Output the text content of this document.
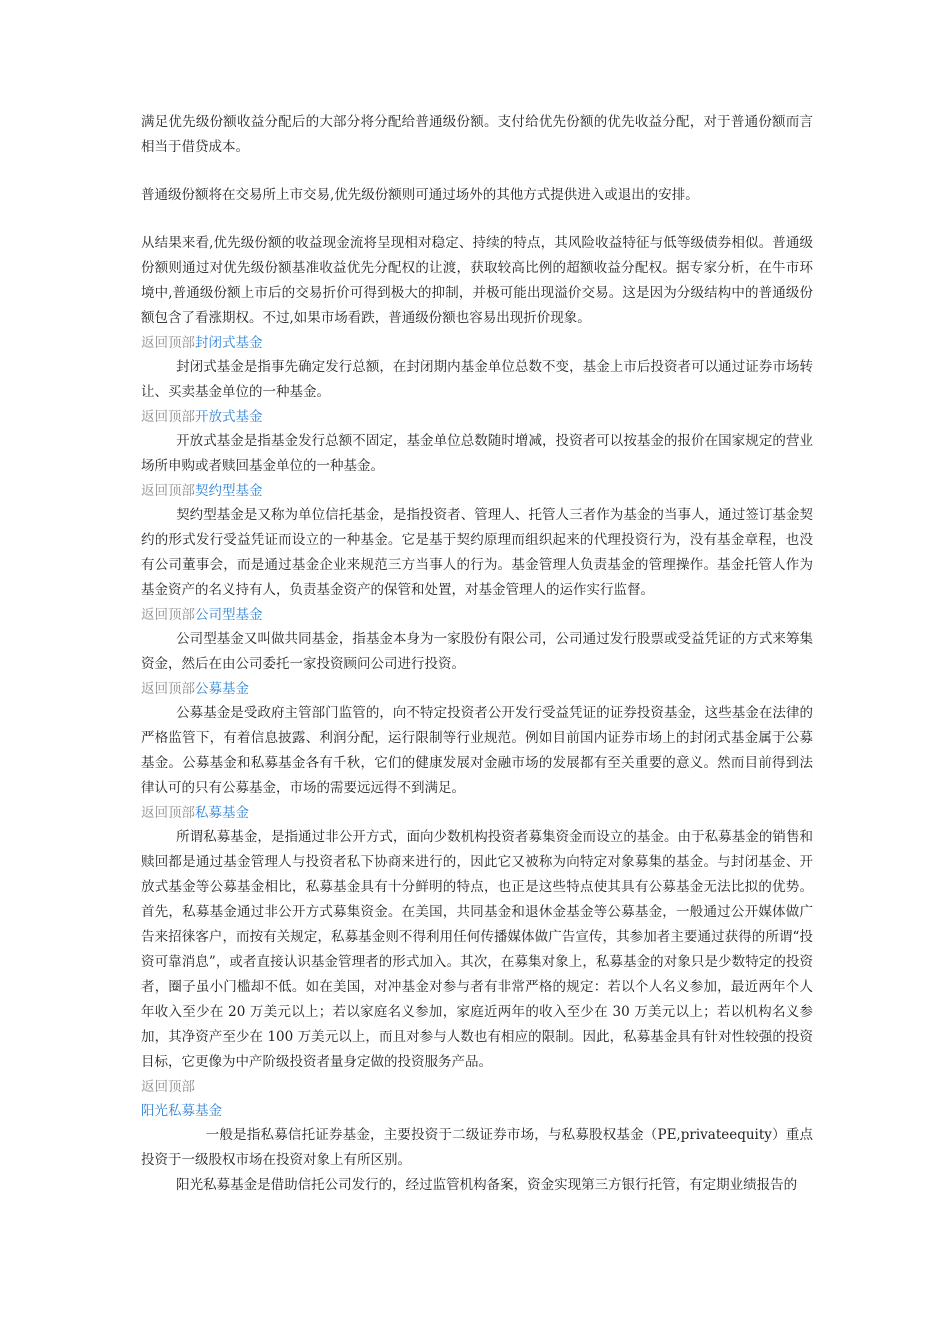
满足优先级份额收益分配后的大部分将分配给普通级份额。支付给优先份额的优先收益分配，对于普通份额而言相当于借贷成本。

普通级份额将在交易所上市交易,优先级份额则可通过场外的其他方式提供进入或退出的安排。

从结果来看,优先级份额的收益现金流将呈现相对稳定、持续的特点，其风险收益特征与低等级债券相似。普通级份额则通过对优先级份额基准收益优先分配权的让渡，获取较高比例的超额收益分配权。据专家分析，在牛市环境中,普通级份额上市后的交易折价可得到极大的抑制，并极可能出现溢价交易。这是因为分级结构中的普通级份额包含了看涨期权。不过,如果市场看跌，普通级份额也容易出现折价现象。

返回顶部封闭式基金

封闭式基金是指事先确定发行总额，在封闭期内基金单位总数不变，基金上市后投资者可以通过证券市场转让、买卖基金单位的一种基金。

返回顶部开放式基金

开放式基金是指基金发行总额不固定，基金单位总数随时增减，投资者可以按基金的报价在国家规定的营业场所申购或者赎回基金单位的一种基金。

返回顶部契约型基金

契约型基金是又称为单位信托基金，是指投资者、管理人、托管人三者作为基金的当事人，通过签订基金契约的形式发行受益凭证而设立的一种基金。它是基于契约原理而组织起来的代理投资行为，没有基金章程，也没有公司董事会，而是通过基金企业来规范三方当事人的行为。基金管理人负责基金的管理操作。基金托管人作为基金资产的名义持有人，负责基金资产的保管和处置，对基金管理人的运作实行监督。

返回顶部公司型基金

公司型基金又叫做共同基金，指基金本身为一家股份有限公司，公司通过发行股票或受益凭证的方式来筹集资金，然后在由公司委托一家投资顾问公司进行投资。

返回顶部公募基金

公募基金是受政府主管部门监管的，向不特定投资者公开发行受益凭证的证券投资基金，这些基金在法律的严格监管下，有着信息披露、利润分配，运行限制等行业规范。例如目前国内证券市场上的封闭式基金属于公募基金。公募基金和私募基金各有千秋，它们的健康发展对金融市场的发展都有至关重要的意义。然而目前得到法律认可的只有公募基金，市场的需要远远得不到满足。

返回顶部私募基金

所谓私募基金，是指通过非公开方式，面向少数机构投资者募集资金而设立的基金。由于私募基金的销售和赎回都是通过基金管理人与投资者私下协商来进行的，因此它又被称为向特定对象募集的基金。与封闭基金、开放式基金等公募基金相比，私募基金具有十分鲜明的特点，也正是这些特点使其具有公募基金无法比拟的优势。首先，私募基金通过非公开方式募集资金。在美国，共同基金和退休金基金等公募基金，一般通过公开媒体做广告来招徕客户，而按有关规定，私募基金则不得利用任何传播媒体做广告宣传，其参加者主要通过获得的所谓“投资可靠消息”，或者直接认识基金管理者的形式加入。其次，在募集对象上，私募基金的对象只是少数特定的投资者，圈子虽小门槛却不低。如在美国，对冲基金对参与者有非常严格的规定：若以个人名义参加，最近两年个人年收入至少在 20 万美元以上；若以家庭名义参加，家庭近两年的收入至少在 30 万美元以上；若以机构名义参加，其净资产至少在 100 万美元以上，而且对参与人数也有相应的限制。因此，私募基金具有针对性较强的投资目标，它更像为中产阶级投资者量身定做的投资服务产品。

返回顶部

阳光私募基金

一般是指私募信托证券基金，主要投资于二级证券市场，与私募股权基金（PE,privateequity）重点投资于一级股权市场在投资对象上有所区别。

阳光私募基金是借助信托公司发行的，经过监管机构备案，资金实现第三方银行托管，有定期业绩报告的
